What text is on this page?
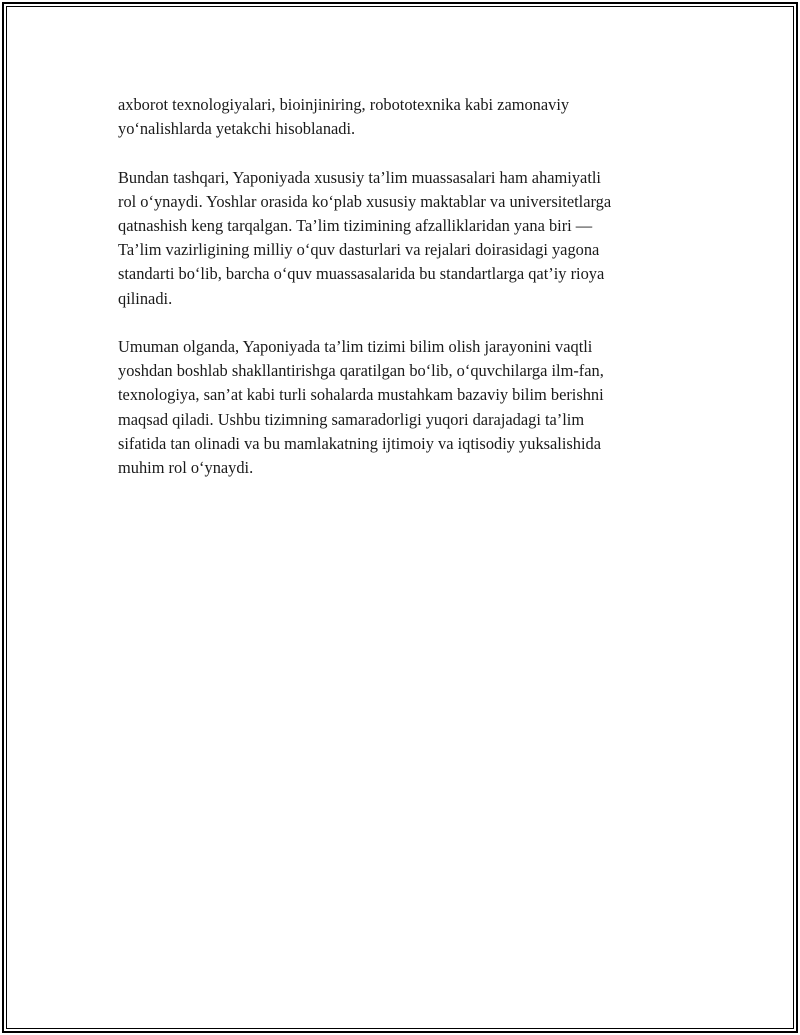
axborot texnologiyalari, bioinjiniring, robototexnika kabi zamonaviy
yo‘nalishlarda yetakchi hisoblanadi.

Bundan tashqari, Yaponiyada xususiy ta’lim muassasalari ham ahamiyatli
rol o‘ynaydi. Yoshlar orasida ko‘plab xususiy maktablar va universitetlarga
qatnashish keng tarqalgan. Ta’lim tizimining afzalliklaridan yana biri —
Ta’lim vazirligining milliy o‘quv dasturlari va rejalari doirasidagi yagona
standarti bo‘lib, barcha o‘quv muassasalarida bu standartlarga qat’iy rioya
qilinadi.

Umuman olganda, Yaponiyada ta’lim tizimi bilim olish jarayonini vaqtli
yoshdan boshlab shakllantirishga qaratilgan bo‘lib, o‘quvchilarga ilm-fan,
texnologiya, san’at kabi turli sohalarda mustahkam bazaviy bilim berishni
maqsad qiladi. Ushbu tizimning samaradorligi yuqori darajadagi ta’lim
sifatida tan olinadi va bu mamlakatning ijtimoiy va iqtisodiy yuksalishida
muhim rol o‘ynaydi.
